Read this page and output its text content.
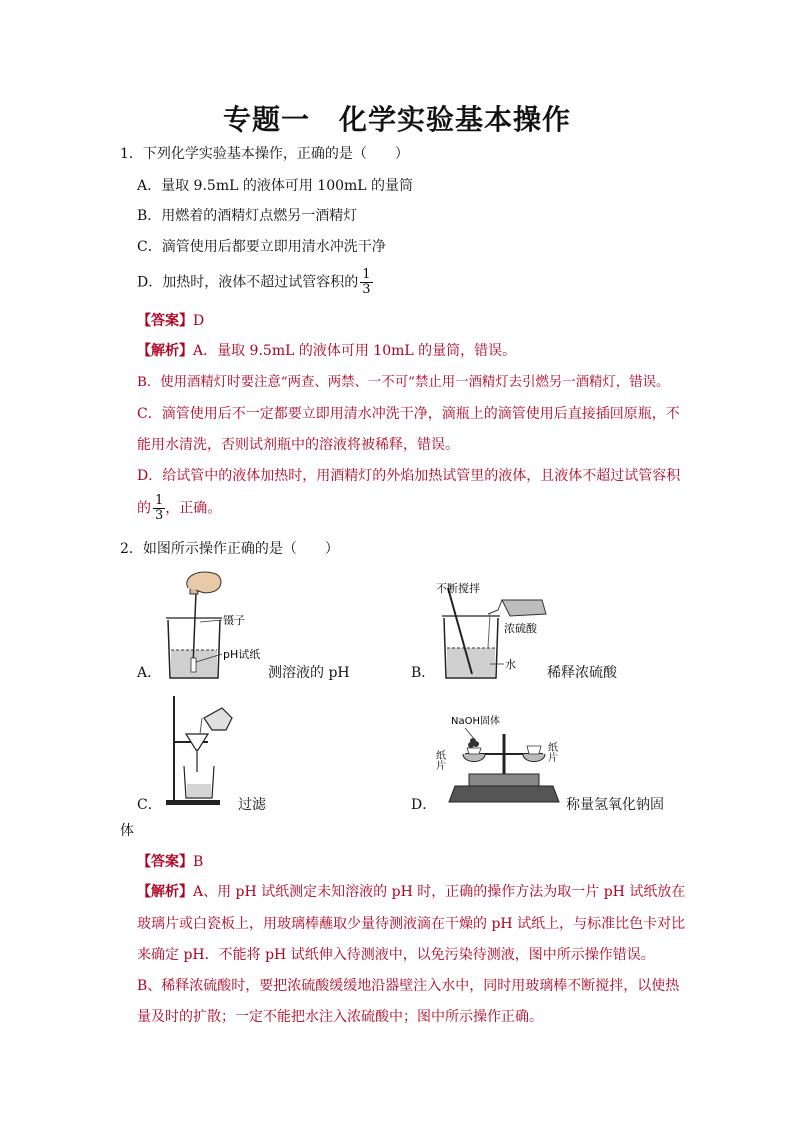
专题一　化学实验基本操作
1．下列化学实验基本操作，正确的是（　　）
A．量取 9.5mL 的液体可用 100mL 的量筒
B．用燃着的酒精灯点燃另一酒精灯
C．滴管使用后都要立即用清水冲洗干净
D．加热时，液体不超过试管容积的 $\frac{1}{3}$
【答案】D
【解析】A．量取 9.5mL 的液体可用 10mL 的量筒，错误。
B．使用酒精灯时要注意“两查、两禁、一不可”禁止用一酒精灯去引燃另一酒精灯，错误。
C．滴管使用后不一定都要立即用清水冲洗干净，滴瓶上的滴管使用后直接插回原瓶，不
能用水清洗，否则试剂瓶中的溶液将被稀释，错误。
D．给试管中的液体加热时，用酒精灯的外焰加热试管里的液体，且液体不超过试管容积
的 $\frac{1}{3}$ ，正确。
2．如图所示操作正确的是（　　）
镊子
pH试纸
A．	测溶液的 pH
不断搅拌
浓硫酸
水
B．	稀释浓硫酸
C．	过滤
NaOH固体
纸片	纸片
D．	称量氢氧化钠固
体
【答案】B
【解析】A、用 pH 试纸测定未知溶液的 pH 时，正确的操作方法为取一片 pH 试纸放在
玻璃片或白瓷板上，用玻璃棒蘸取少量待测液滴在干燥的 pH 试纸上，与标准比色卡对比
来确定 pH．不能将 pH 试纸伸入待测液中，以免污染待测液，图中所示操作错误。
B、稀释浓硫酸时，要把浓硫酸缓缓地沿器壁注入水中，同时用玻璃棒不断搅拌，以使热
量及时的扩散；一定不能把水注入浓硫酸中；图中所示操作正确。
